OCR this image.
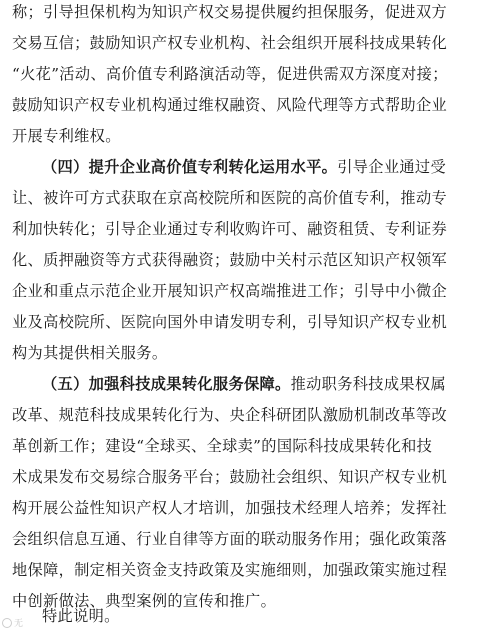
称；引导担保机构为知识产权交易提供履约担保服务，促进双方
交易互信；鼓励知识产权专业机构、社会组织开展科技成果转化
“火花”活动、高价值专利路演活动等，促进供需双方深度对接；
鼓励知识产权专业机构通过维权融资、风险代理等方式帮助企业
开展专利维权。
（四）提升企业高价值专利转化运用水平。引导企业通过受
让、被许可方式获取在京高校院所和医院的高价值专利，推动专
利加快转化；引导企业通过专利收购许可、融资租赁、专利证券
化、质押融资等方式获得融资；鼓励中关村示范区知识产权领军
企业和重点示范企业开展知识产权高端推进工作；引导中小微企
业及高校院所、医院向国外申请发明专利，引导知识产权专业机
构为其提供相关服务。
（五）加强科技成果转化服务保障。推动职务科技成果权属
改革、规范科技成果转化行为、央企科研团队激励机制改革等改
革创新工作；建设“全球买、全球卖”的国际科技成果转化和技
术成果发布交易综合服务平台；鼓励社会组织、知识产权专业机
构开展公益性知识产权人才培训，加强技术经理人培养；发挥社
会组织信息互通、行业自律等方面的联动服务作用；强化政策落
地保障，制定相关资金支持政策及实施细则，加强政策实施过程
中创新做法、典型案例的宣传和推广。
特此说明。
无
